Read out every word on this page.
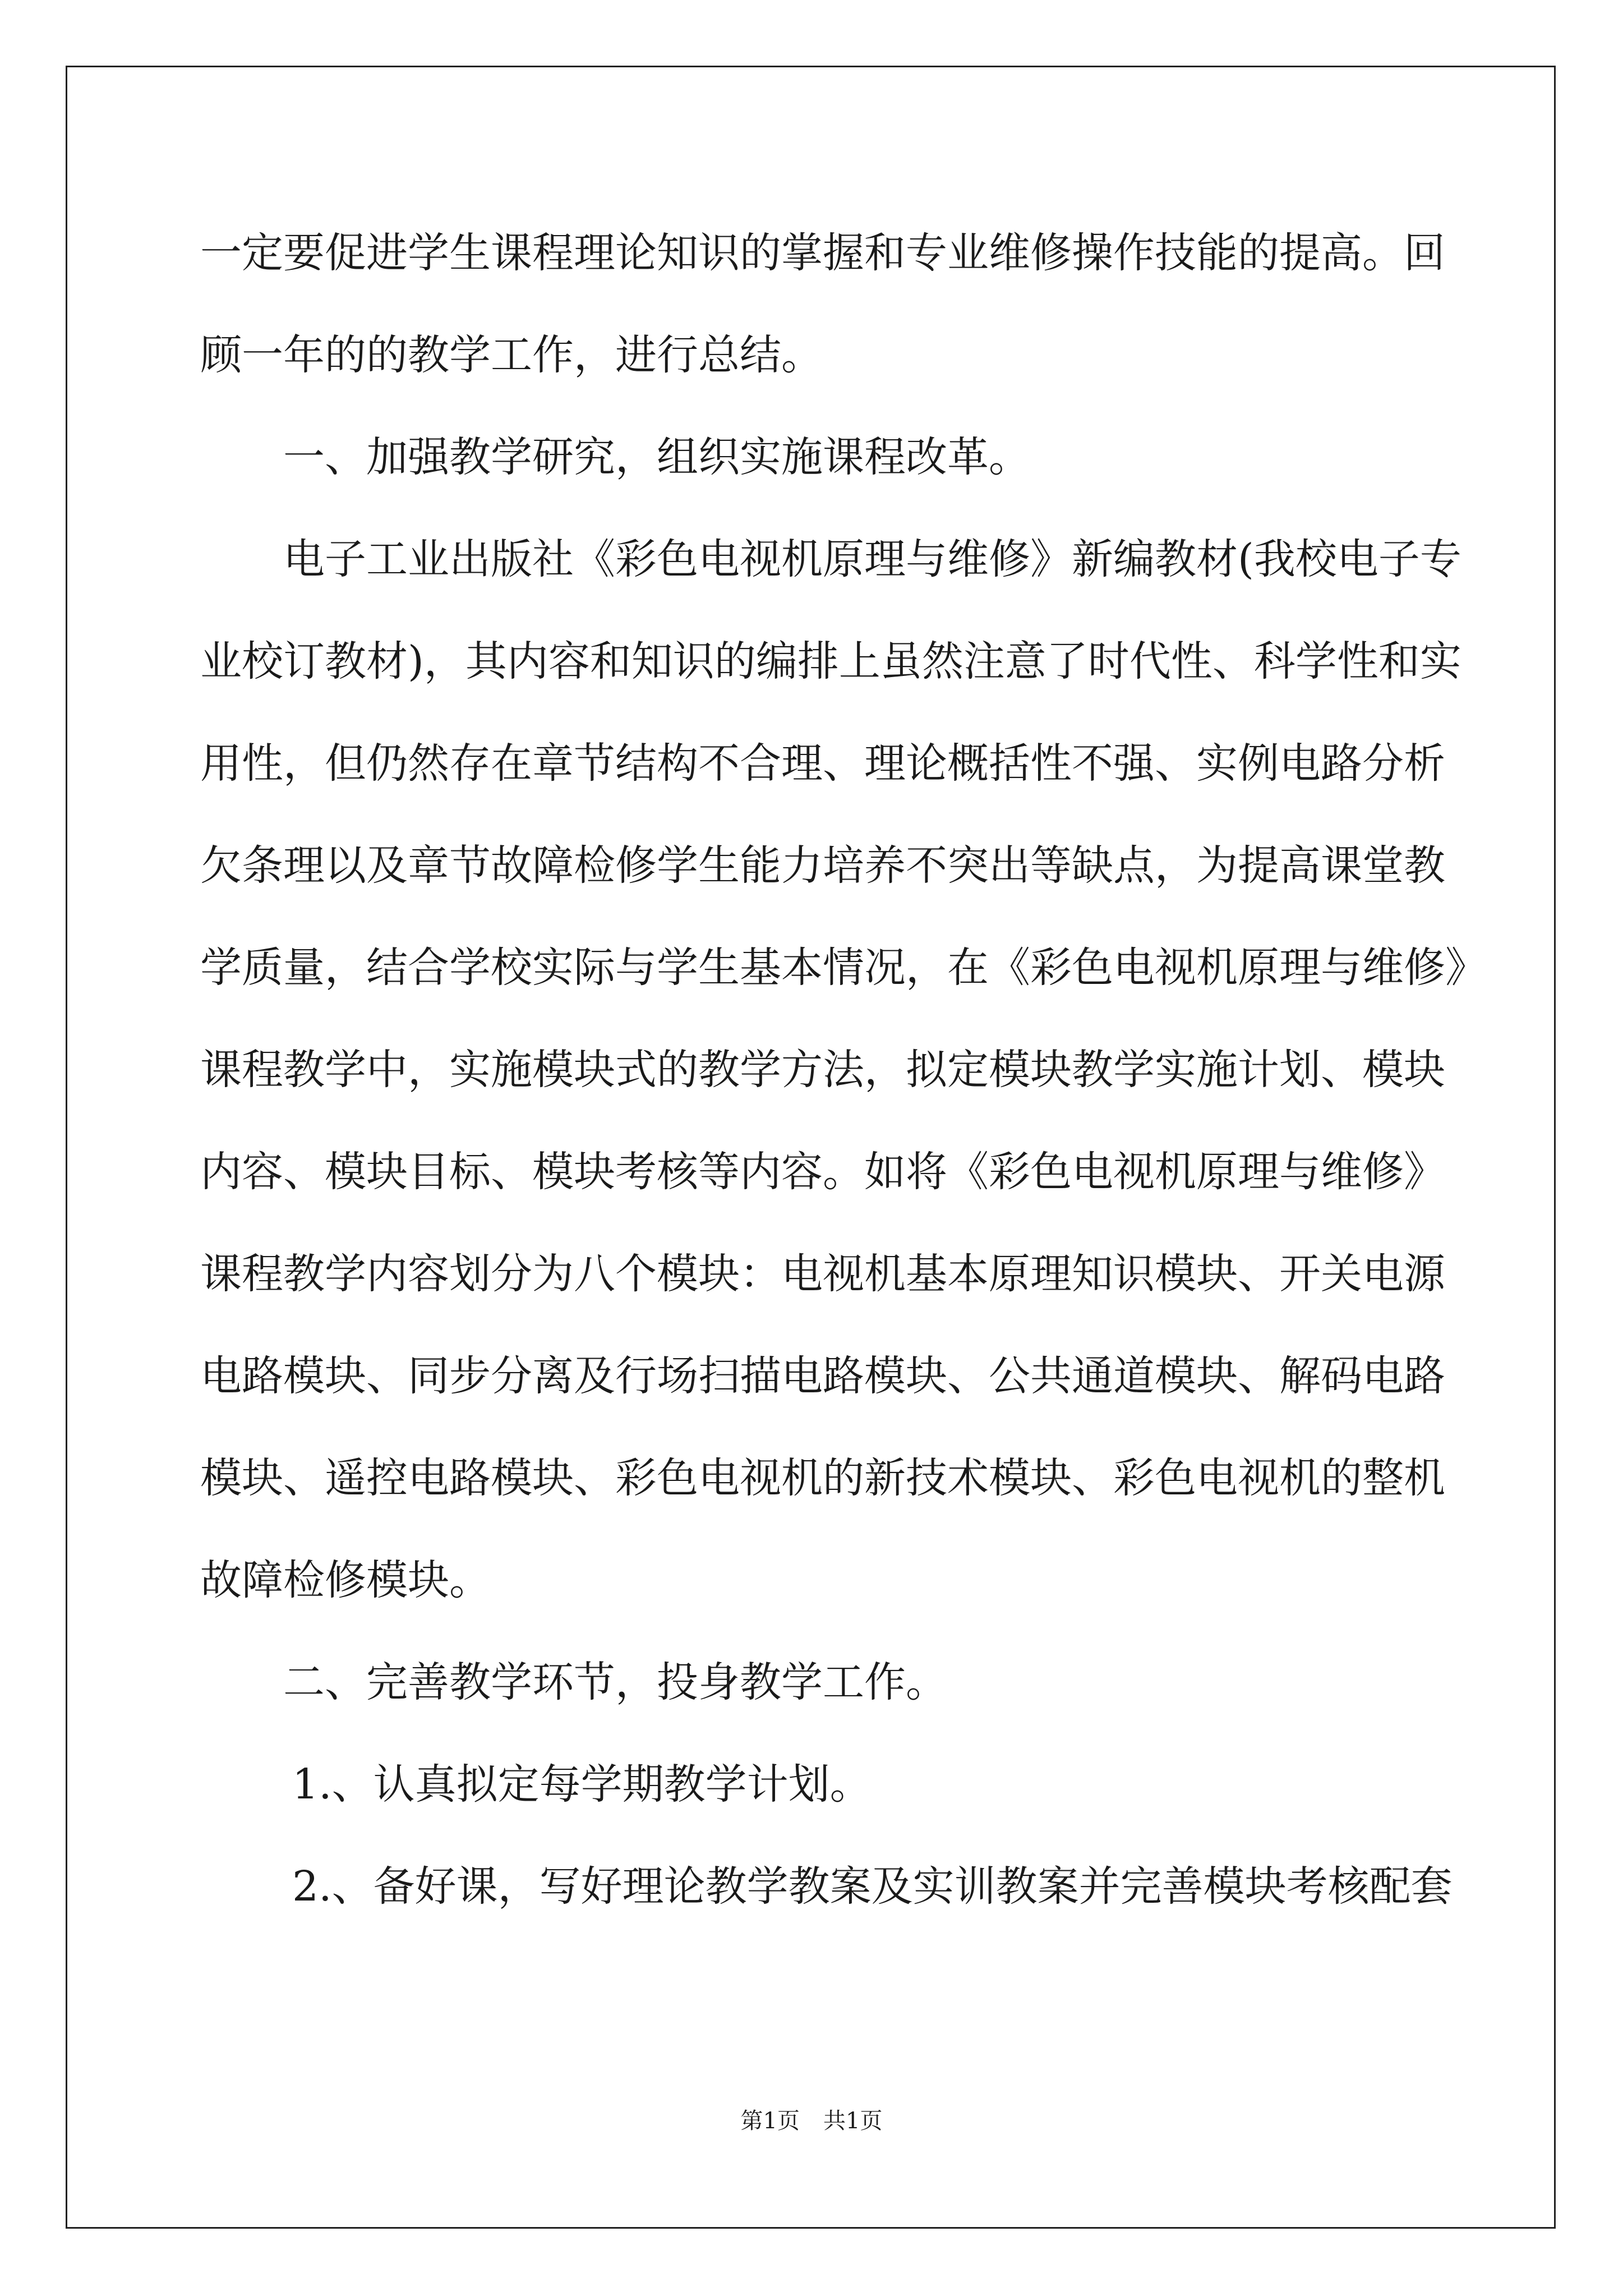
一定要促进学生课程理论知识的掌握和专业维修操作技能的提高。回
顾一年的的教学工作，进行总结。
一、加强教学研究，组织实施课程改革。
电子工业出版社《彩色电视机原理与维修》新编教材(我校电子专
业校订教材)，其内容和知识的编排上虽然注意了时代性、科学性和实
用性，但仍然存在章节结构不合理、理论概括性不强、实例电路分析
欠条理以及章节故障检修学生能力培养不突出等缺点，为提高课堂教
学质量，结合学校实际与学生基本情况，在《彩色电视机原理与维修》
课程教学中，实施模块式的教学方法，拟定模块教学实施计划、模块
内容、模块目标、模块考核等内容。如将《彩色电视机原理与维修》
课程教学内容划分为八个模块：电视机基本原理知识模块、开关电源
电路模块、同步分离及行场扫描电路模块、公共通道模块、解码电路
模块、遥控电路模块、彩色电视机的新技术模块、彩色电视机的整机
故障检修模块。
二、完善教学环节，投身教学工作。
1.、认真拟定每学期教学计划。
2.、备好课，写好理论教学教案及实训教案并完善模块考核配套
第1页 共1页
